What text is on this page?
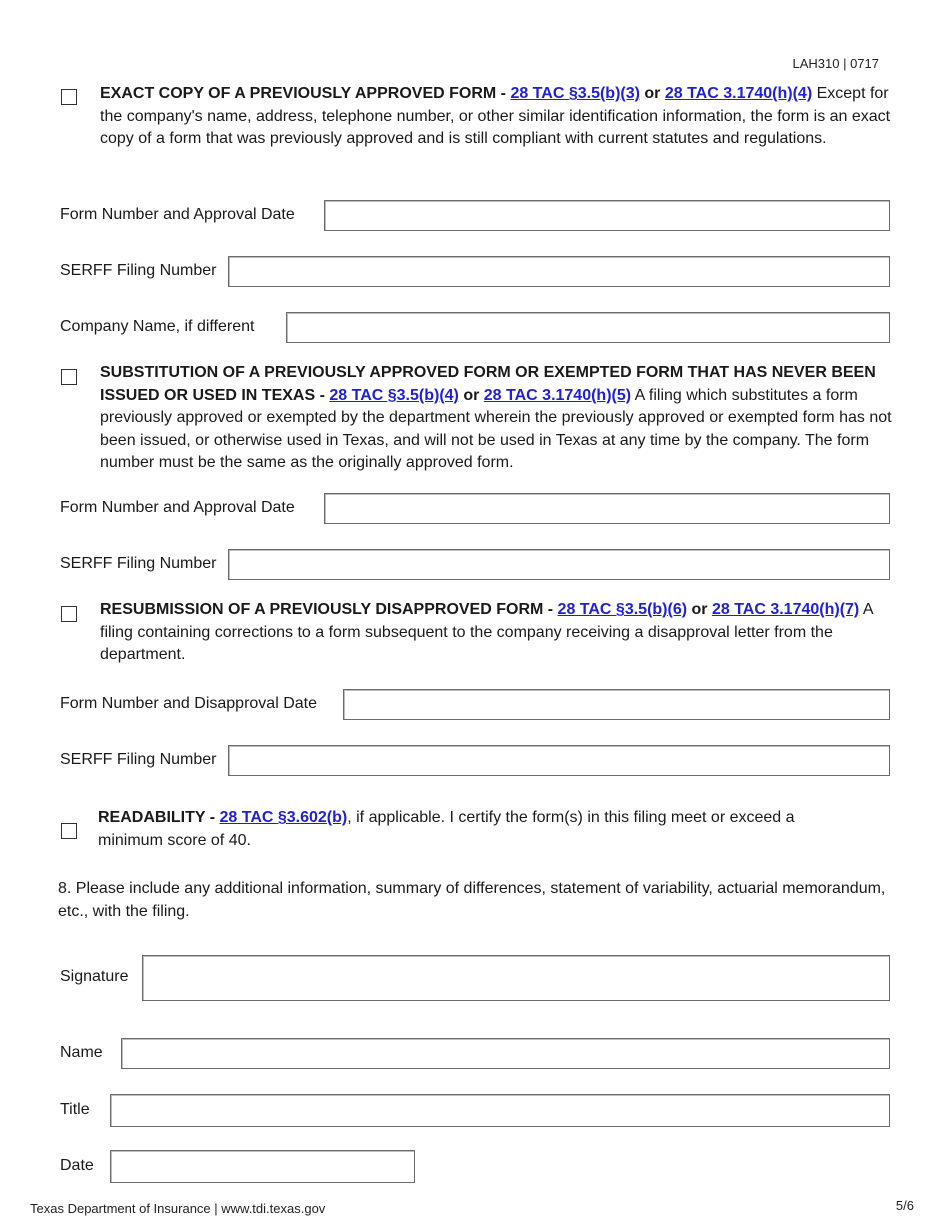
LAH310 | 0717
EXACT COPY OF A PREVIOUSLY APPROVED FORM - 28 TAC §3.5(b)(3) or 28 TAC 3.1740(h)(4) Except for the company's name, address, telephone number, or other similar identification information, the form is an exact copy of a form that was previously approved and is still compliant with current statutes and regulations.
Form Number and Approval Date
SERFF Filing Number
Company Name, if different
SUBSTITUTION OF A PREVIOUSLY APPROVED FORM OR EXEMPTED FORM THAT HAS NEVER BEEN ISSUED OR USED IN TEXAS - 28 TAC §3.5(b)(4) or 28 TAC 3.1740(h)(5) A filing which substitutes a form previously approved or exempted by the department wherein the previously approved or exempted form has not been issued, or otherwise used in Texas, and will not be used in Texas at any time by the company. The form number must be the same as the originally approved form.
Form Number and Approval Date
SERFF Filing Number
RESUBMISSION OF A PREVIOUSLY DISAPPROVED FORM - 28 TAC §3.5(b)(6) or 28 TAC 3.1740(h)(7) A filing containing corrections to a form subsequent to the company receiving a disapproval letter from the department.
Form Number and Disapproval Date
SERFF Filing Number
READABILITY - 28 TAC §3.602(b), if applicable. I certify the form(s) in this filing meet or exceed a minimum score of 40.
8. Please include any additional information, summary of differences, statement of variability, actuarial memorandum, etc., with the filing.
Signature
Name
Title
Date
Texas Department of Insurance | www.tdi.texas.gov	5/6
